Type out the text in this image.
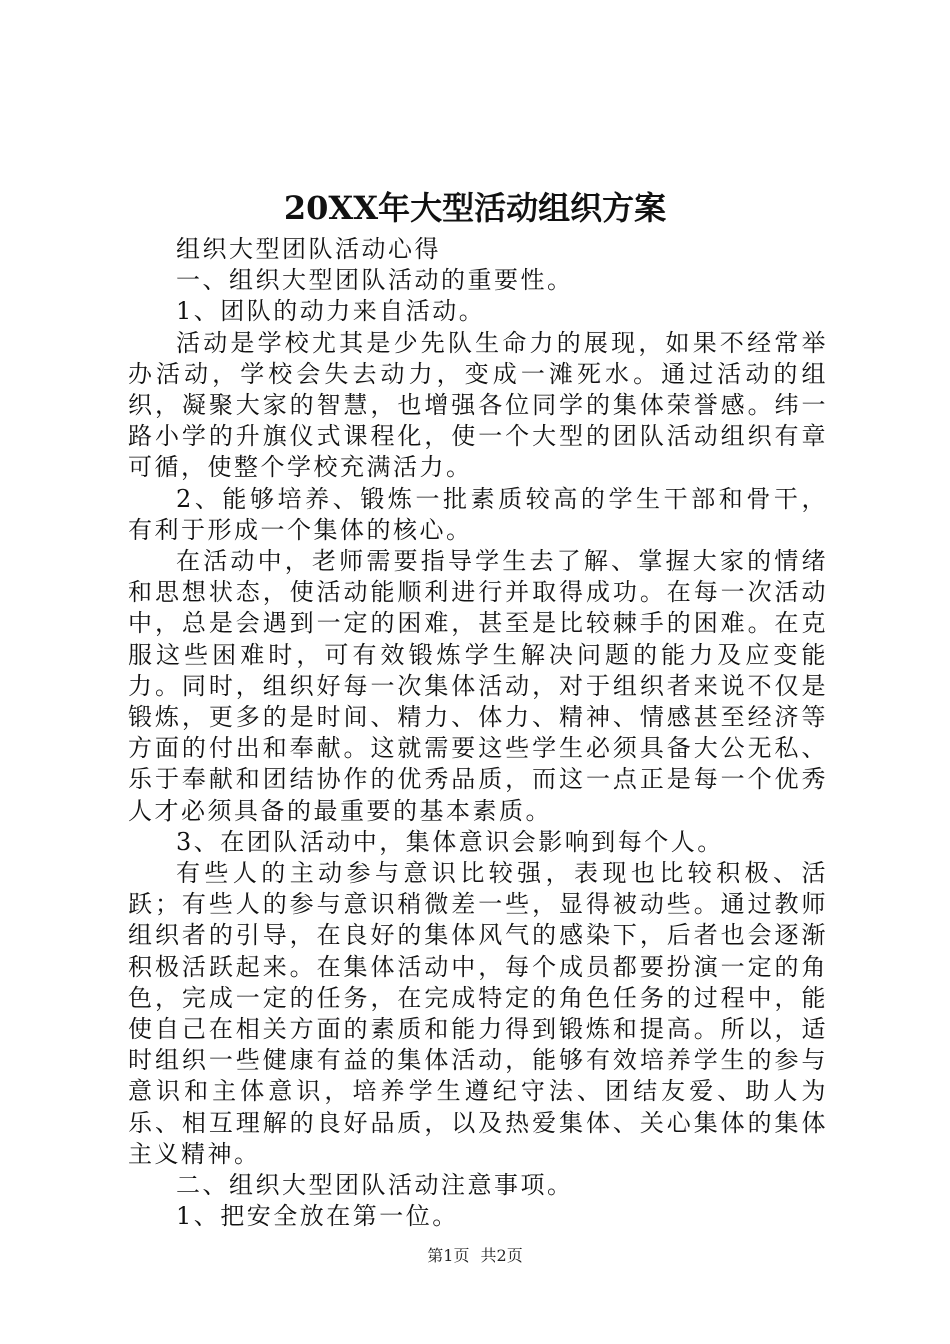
20XX年大型活动组织方案

组织大型团队活动心得

一、组织大型团队活动的重要性。

1、团队的动力来自活动。

活动是学校尤其是少先队生命力的展现，如果不经常举办活动，学校会失去动力，变成一滩死水。通过活动的组织，凝聚大家的智慧，也增强各位同学的集体荣誉感。纬一路小学的升旗仪式课程化，使一个大型的团队活动组织有章可循，使整个学校充满活力。

2、能够培养、锻炼一批素质较高的学生干部和骨干，有利于形成一个集体的核心。

在活动中，老师需要指导学生去了解、掌握大家的情绪和思想状态，使活动能顺利进行并取得成功。在每一次活动中，总是会遇到一定的困难，甚至是比较棘手的困难。在克服这些困难时，可有效锻炼学生解决问题的能力及应变能力。同时，组织好每一次集体活动，对于组织者来说不仅是锻炼，更多的是时间、精力、体力、精神、情感甚至经济等方面的付出和奉献。这就需要这些学生必须具备大公无私、乐于奉献和团结协作的优秀品质，而这一点正是每一个优秀人才必须具备的最重要的基本素质。

3、在团队活动中，集体意识会影响到每个人。

有些人的主动参与意识比较强，表现也比较积极、活跃；有些人的参与意识稍微差一些，显得被动些。通过教师组织者的引导，在良好的集体风气的感染下，后者也会逐渐积极活跃起来。在集体活动中，每个成员都要扮演一定的角色，完成一定的任务，在完成特定的角色任务的过程中，能使自己在相关方面的素质和能力得到锻炼和提高。所以，适时组织一些健康有益的集体活动，能够有效培养学生的参与意识和主体意识，培养学生遵纪守法、团结友爱、助人为乐、相互理解的良好品质，以及热爱集体、关心集体的集体主义精神。

二、组织大型团队活动注意事项。

1、把安全放在第一位。

第1页 共2页
